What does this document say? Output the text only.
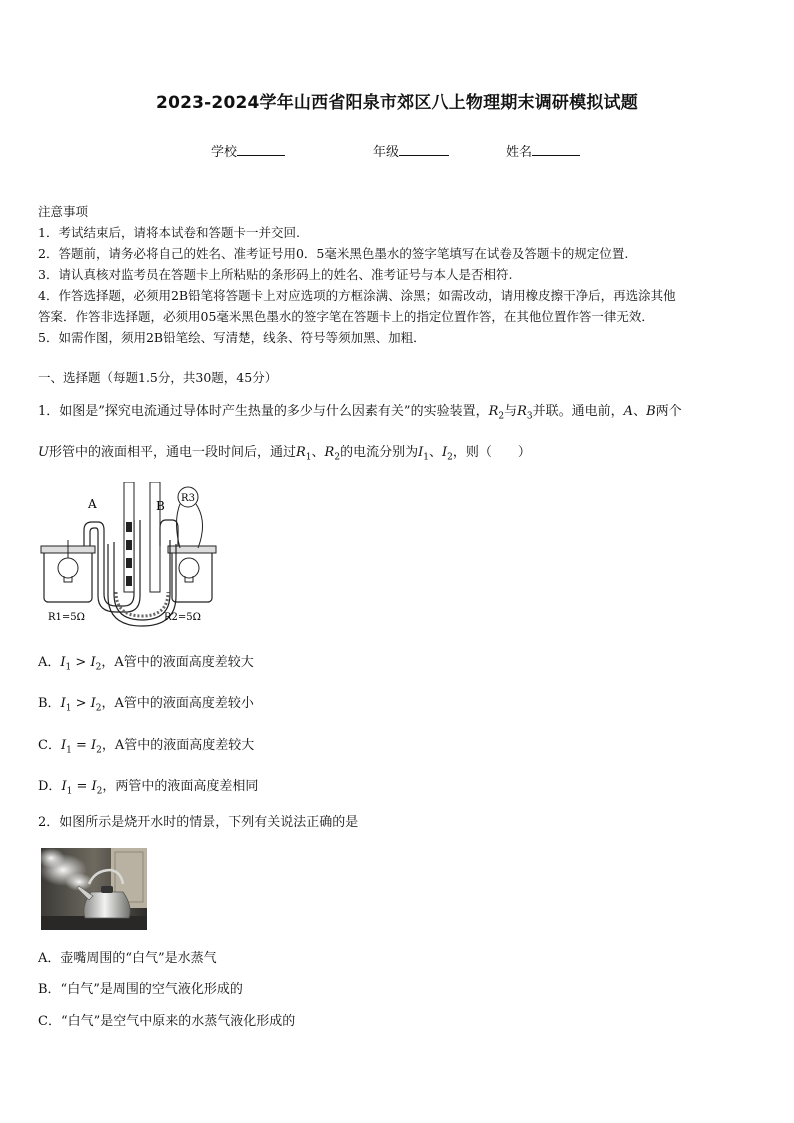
2023-2024学年山西省阳泉市郊区八上物理期末调研模拟试题
学校	年级	姓名
注意事项
1．考试结束后，请将本试卷和答题卡一并交回.
2．答题前，请务必将自己的姓名、准考证号用0．5毫米黑色墨水的签字笔填写在试卷及答题卡的规定位置.
3．请认真核对监考员在答题卡上所粘贴的条形码上的姓名、准考证号与本人是否相符.
4．作答选择题，必须用2B铅笔将答题卡上对应选项的方框涂满、涂黑；如需改动，请用橡皮擦干净后，再选涂其他
答案．作答非选择题，必须用05毫米黑色墨水的签字笔在答题卡上的指定位置作答，在其他位置作答一律无效．
5．如需作图，须用2B铅笔绘、写清楚，线条、符号等须加黑、加粗．
一、选择题（每题1.5分，共30题，45分）
1．如图是”探究电流通过导体时产生热量的多少与什么因素有关”的实验装置，$R_2$与$R_3$并联。通电前，A、B两个
U形管中的液面相平，通电一段时间后，通过$R_1$、$R_2$的电流分别为$I_1$、$I_2$，则（　　）
R3
A	B
R1=5Ω	R2=5Ω
A．$I_1 > I_2$，A管中的液面高度差较大
B．$I_1 > I_2$，A管中的液面高度差较小
C．$I_1 = I_2$，A管中的液面高度差较大
D．$I_1 = I_2$，两管中的液面高度差相同
2．如图所示是烧开水时的情景，下列有关说法正确的是
A．壶嘴周围的“白气”是水蒸气
B．“白气”是周围的空气液化形成的
C．“白气”是空气中原来的水蒸气液化形成的
